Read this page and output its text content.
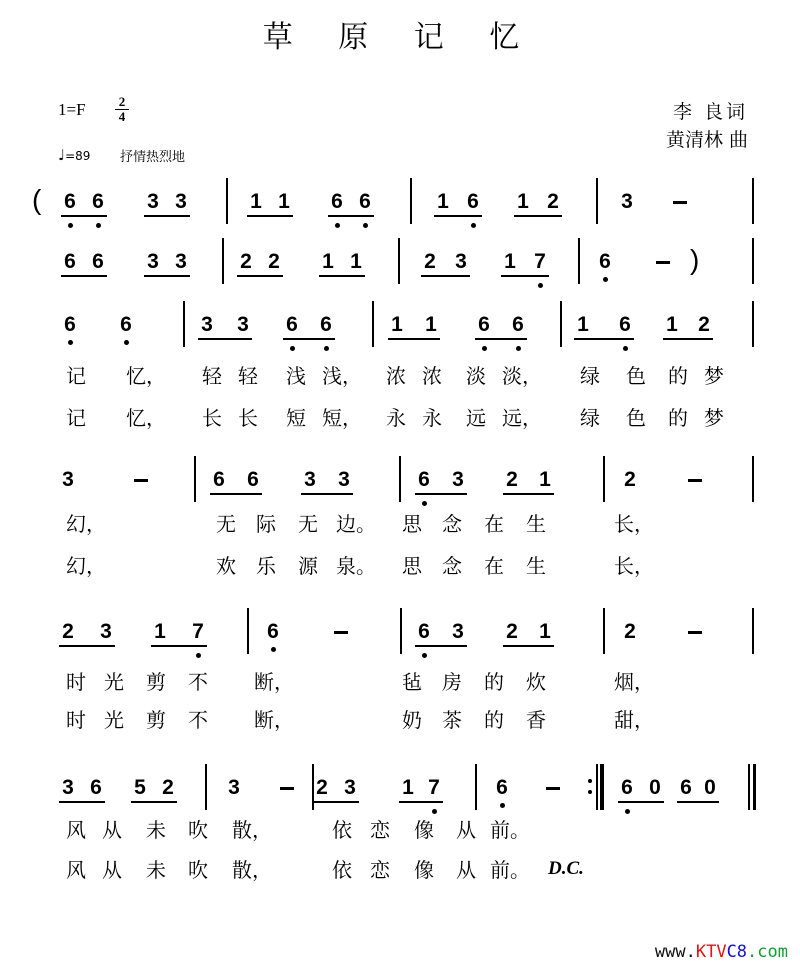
草 原 记 忆
1=F	2
4
♩=89 抒情热烈地
李 良词
黄清林 曲
( 6 6 3 3	1 1 6 6	1 6 1 2	3
6 6 3 3	2 2 1 1	2 3 1 7	6	)
6 6	3 3 6 6	1 1 6 6	1 6 1 2
记 忆， 轻 轻 浅 浅， 浓 浓 淡 淡， 绿 色 的 梦
记 忆， 长 长 短 短， 永 永 远 远， 绿 色 的 梦
3	6 6 3 3	6 3 2 1	2
幻，	无 际 无 边。 思 念 在 生	长，
幻，	欢 乐 源 泉。 思 念 在 生	长，
2 3 1 7	6	6 3 2 1	2
时 光 剪 不 断，	毡 房 的 炊	烟，
时 光 剪 不 断，	奶 茶 的 香	甜，
3 6 5 2	3	2 3 1 7	6	6 0 6 0
风 从 未 吹 散，	依 恋 像 从 前。
风 从 未 吹 散，	依 恋 像 从 前。 D.C.
www.KTVC8.com
